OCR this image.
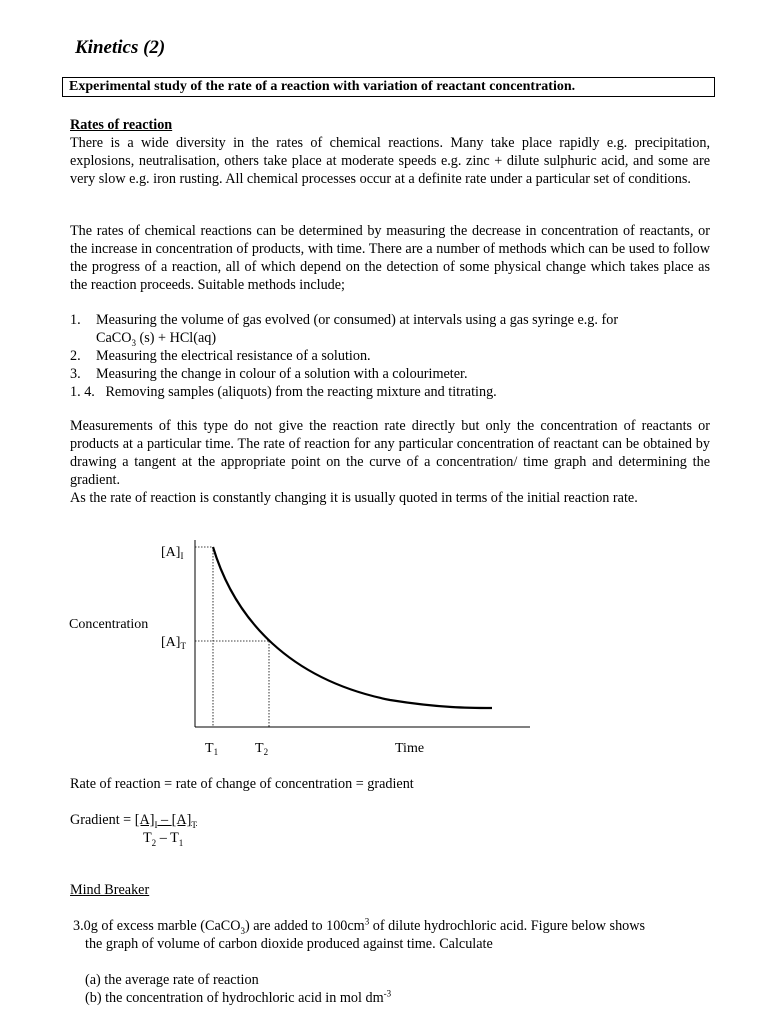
Kinetics (2)
Experimental study of the rate of a reaction with variation of reactant concentration.
Rates of reaction

There is a wide diversity in the rates of chemical reactions. Many take place rapidly e.g. precipitation, explosions, neutralisation, others take place at moderate speeds e.g. zinc + dilute sulphuric acid, and some are very slow e.g. iron rusting. All chemical processes occur at a definite rate under a particular set of conditions.

The rates of chemical reactions can be determined by measuring the decrease in concentration of reactants, or the increase in concentration of products, with time. There are a number of methods which can be used to follow the progress of a reaction, all of which depend on the detection of some physical change which takes place as the reaction proceeds. Suitable methods include;

1. Measuring the volume of gas evolved (or consumed) at intervals using a gas syringe e.g. for
CaCO$_3$ (s) + HCl(aq)
2. Measuring the electrical resistance of a solution.
3. Measuring the change in colour of a solution with a colourimeter.
1. 4. Removing samples (aliquots) from the reacting mixture and titrating.

Measurements of this type do not give the reaction rate directly but only the concentration of reactants or products at a particular time. The rate of reaction for any particular concentration of reactant can be obtained by drawing a tangent at the appropriate point on the curve of a concentration/ time graph and determining the gradient.

As the rate of reaction is constantly changing it is usually quoted in terms of the initial reaction rate.

Concentration
$[A]_I$
$[A]_T$
$T_1$	$T_2$	Time
Rate of reaction = rate of change of concentration = gradient
Gradient = $[A]_I - [A]_T$
$T_2 - T_1$
Mind Breaker
3.0g of excess marble (CaCO$_3$) are added to $100cm^3$ of dilute hydrochloric acid. Figure below shows
the graph of volume of carbon dioxide produced against time. Calculate
(a) the average rate of reaction
(b) the concentration of hydrochloric acid in mol $dm^{-3}$
